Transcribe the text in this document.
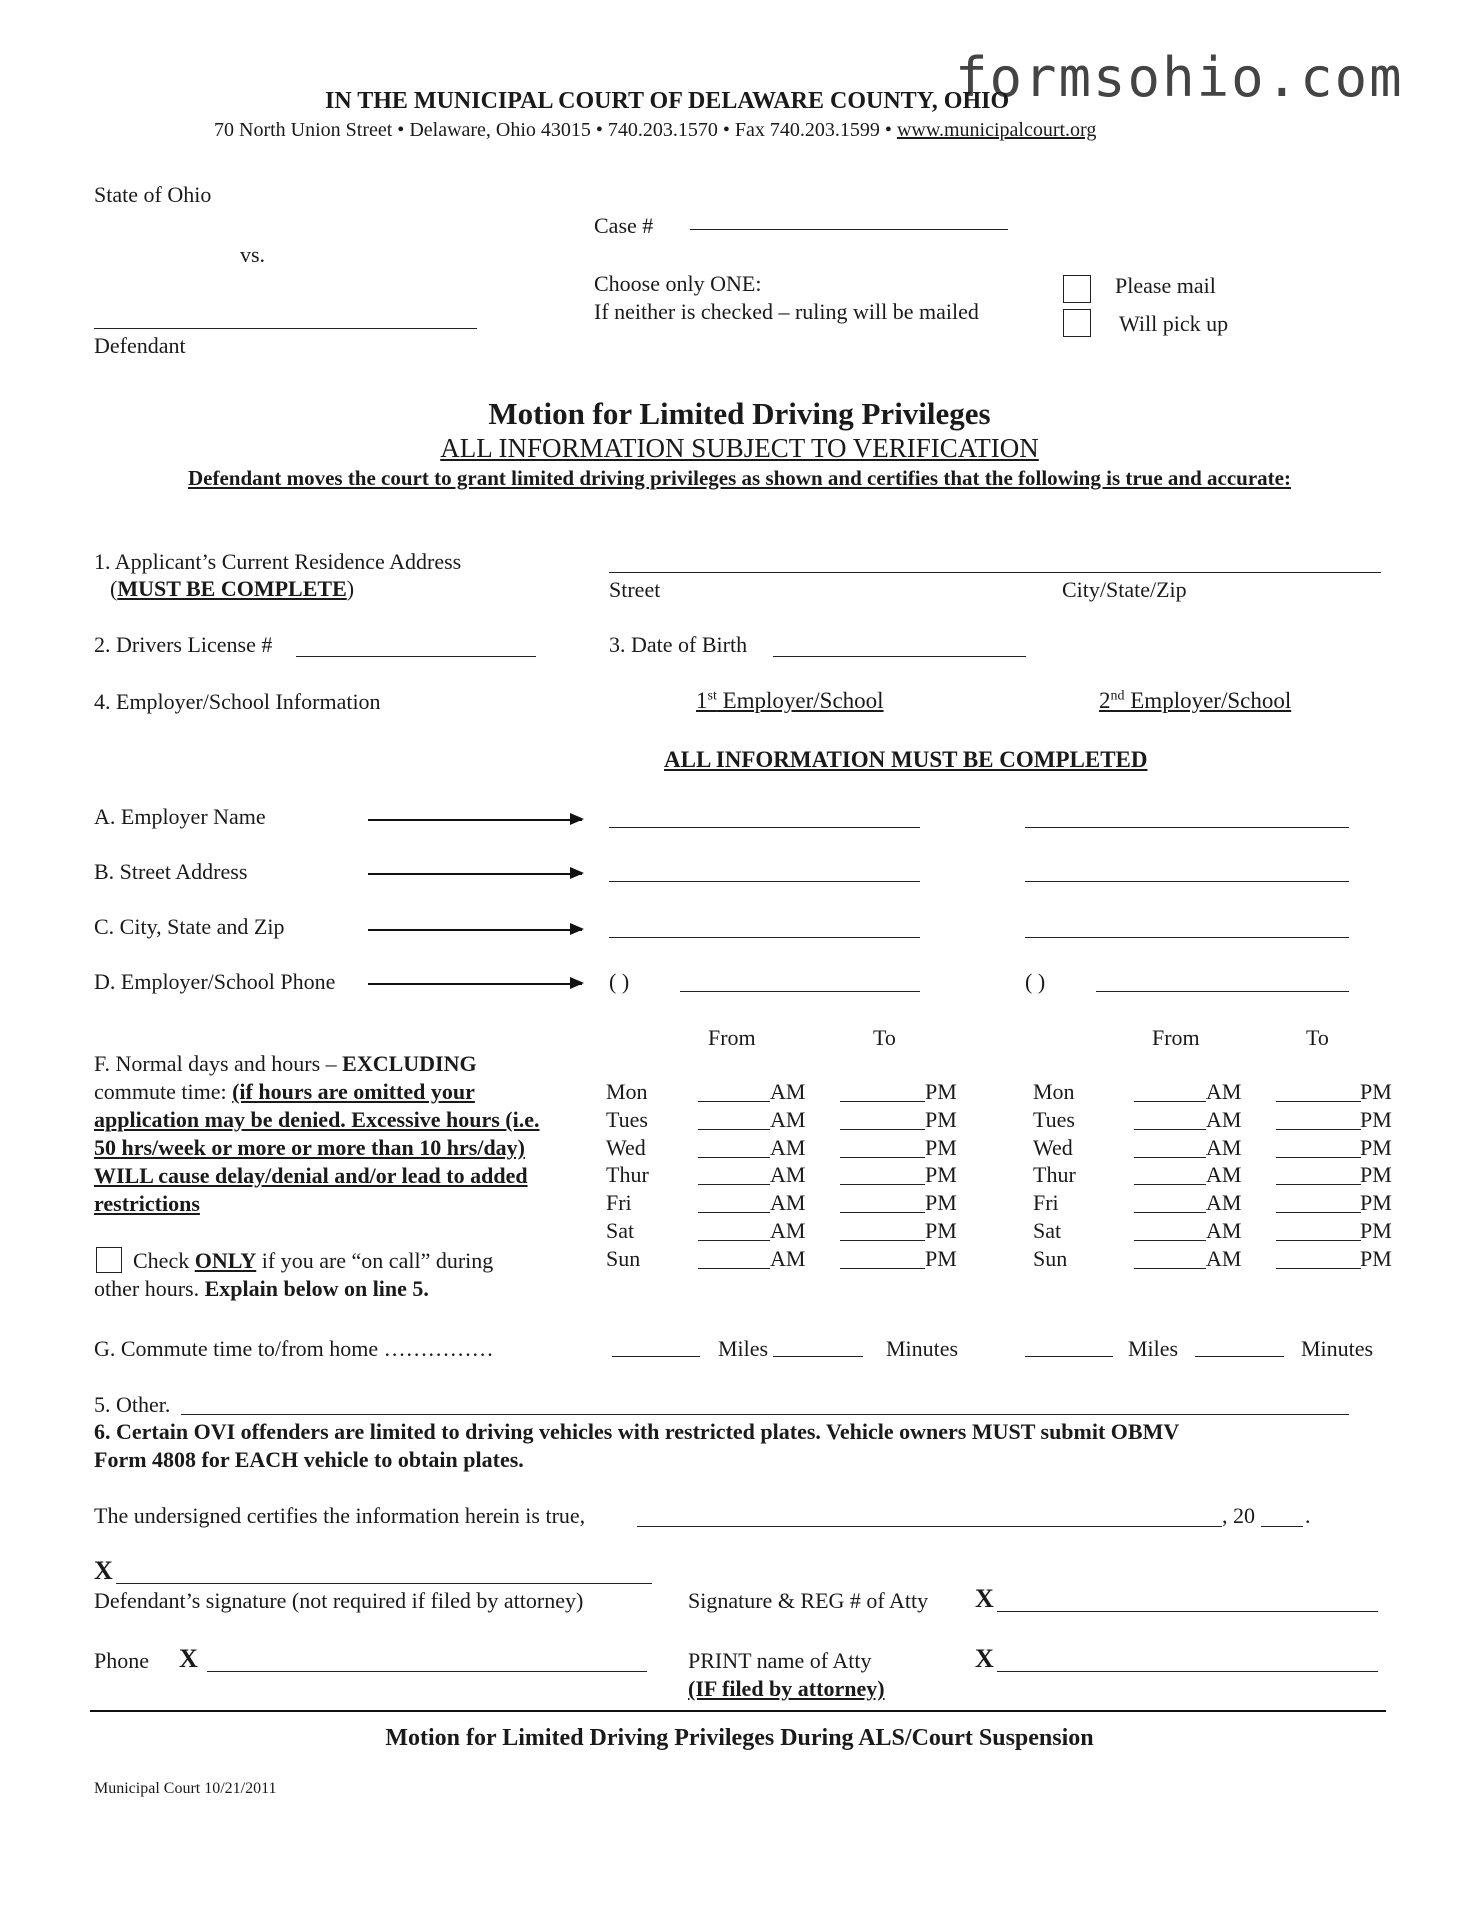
formsohio.com
IN THE MUNICIPAL COURT OF DELAWARE COUNTY, OHIO
70 North Union Street • Delaware, Ohio 43015 • 740.203.1570 • Fax 740.203.1599 • www.municipalcourt.org
State of Ohio
vs.
Defendant
Case #
Choose only ONE:
If neither is checked – ruling will be mailed
Please mail
Will pick up
Motion for Limited Driving Privileges
ALL INFORMATION SUBJECT TO VERIFICATION
Defendant moves the court to grant limited driving privileges as shown and certifies that the following is true and accurate:
1. Applicant’s Current Residence Address
(MUST BE COMPLETE)	Street	City/State/Zip
2. Drivers License #	3. Date of Birth
4. Employer/School Information	1st Employer/School	2nd Employer/School
ALL INFORMATION MUST BE COMPLETED
A. Employer Name
B. Street Address
C. City, State and Zip
D. Employer/School Phone	( )	( )
From	To	From	To
F. Normal days and hours – EXCLUDING
commute time: (if hours are omitted your
application may be denied. Excessive hours (i.e.
50 hrs/week or more or more than 10 hrs/day)
WILL cause delay/denial and/or lead to added
restrictions
Check ONLY if you are “on call” during
other hours. Explain below on line 5.
Mon	AM	PM	Mon	AM	PM
Tues	AM	PM	Tues	AM	PM
Wed	AM	PM	Wed	AM	PM
Thur	AM	PM	Thur	AM	PM
Fri	AM	PM	Fri	AM	PM
Sat	AM	PM	Sat	AM	PM
Sun	AM	PM	Sun	AM	PM
G. Commute time to/from home ……………	Miles	Minutes	Miles	Minutes
5. Other.
6. Certain OVI offenders are limited to driving vehicles with restricted plates. Vehicle owners MUST submit OBMV
Form 4808 for EACH vehicle to obtain plates.
The undersigned certifies the information herein is true,	, 20 .
X
Defendant’s signature (not required if filed by attorney)	Signature & REG # of Atty X
Phone X	PRINT name of Atty
(IF filed by attorney)
X
Motion for Limited Driving Privileges During ALS/Court Suspension
Municipal Court 10/21/2011
